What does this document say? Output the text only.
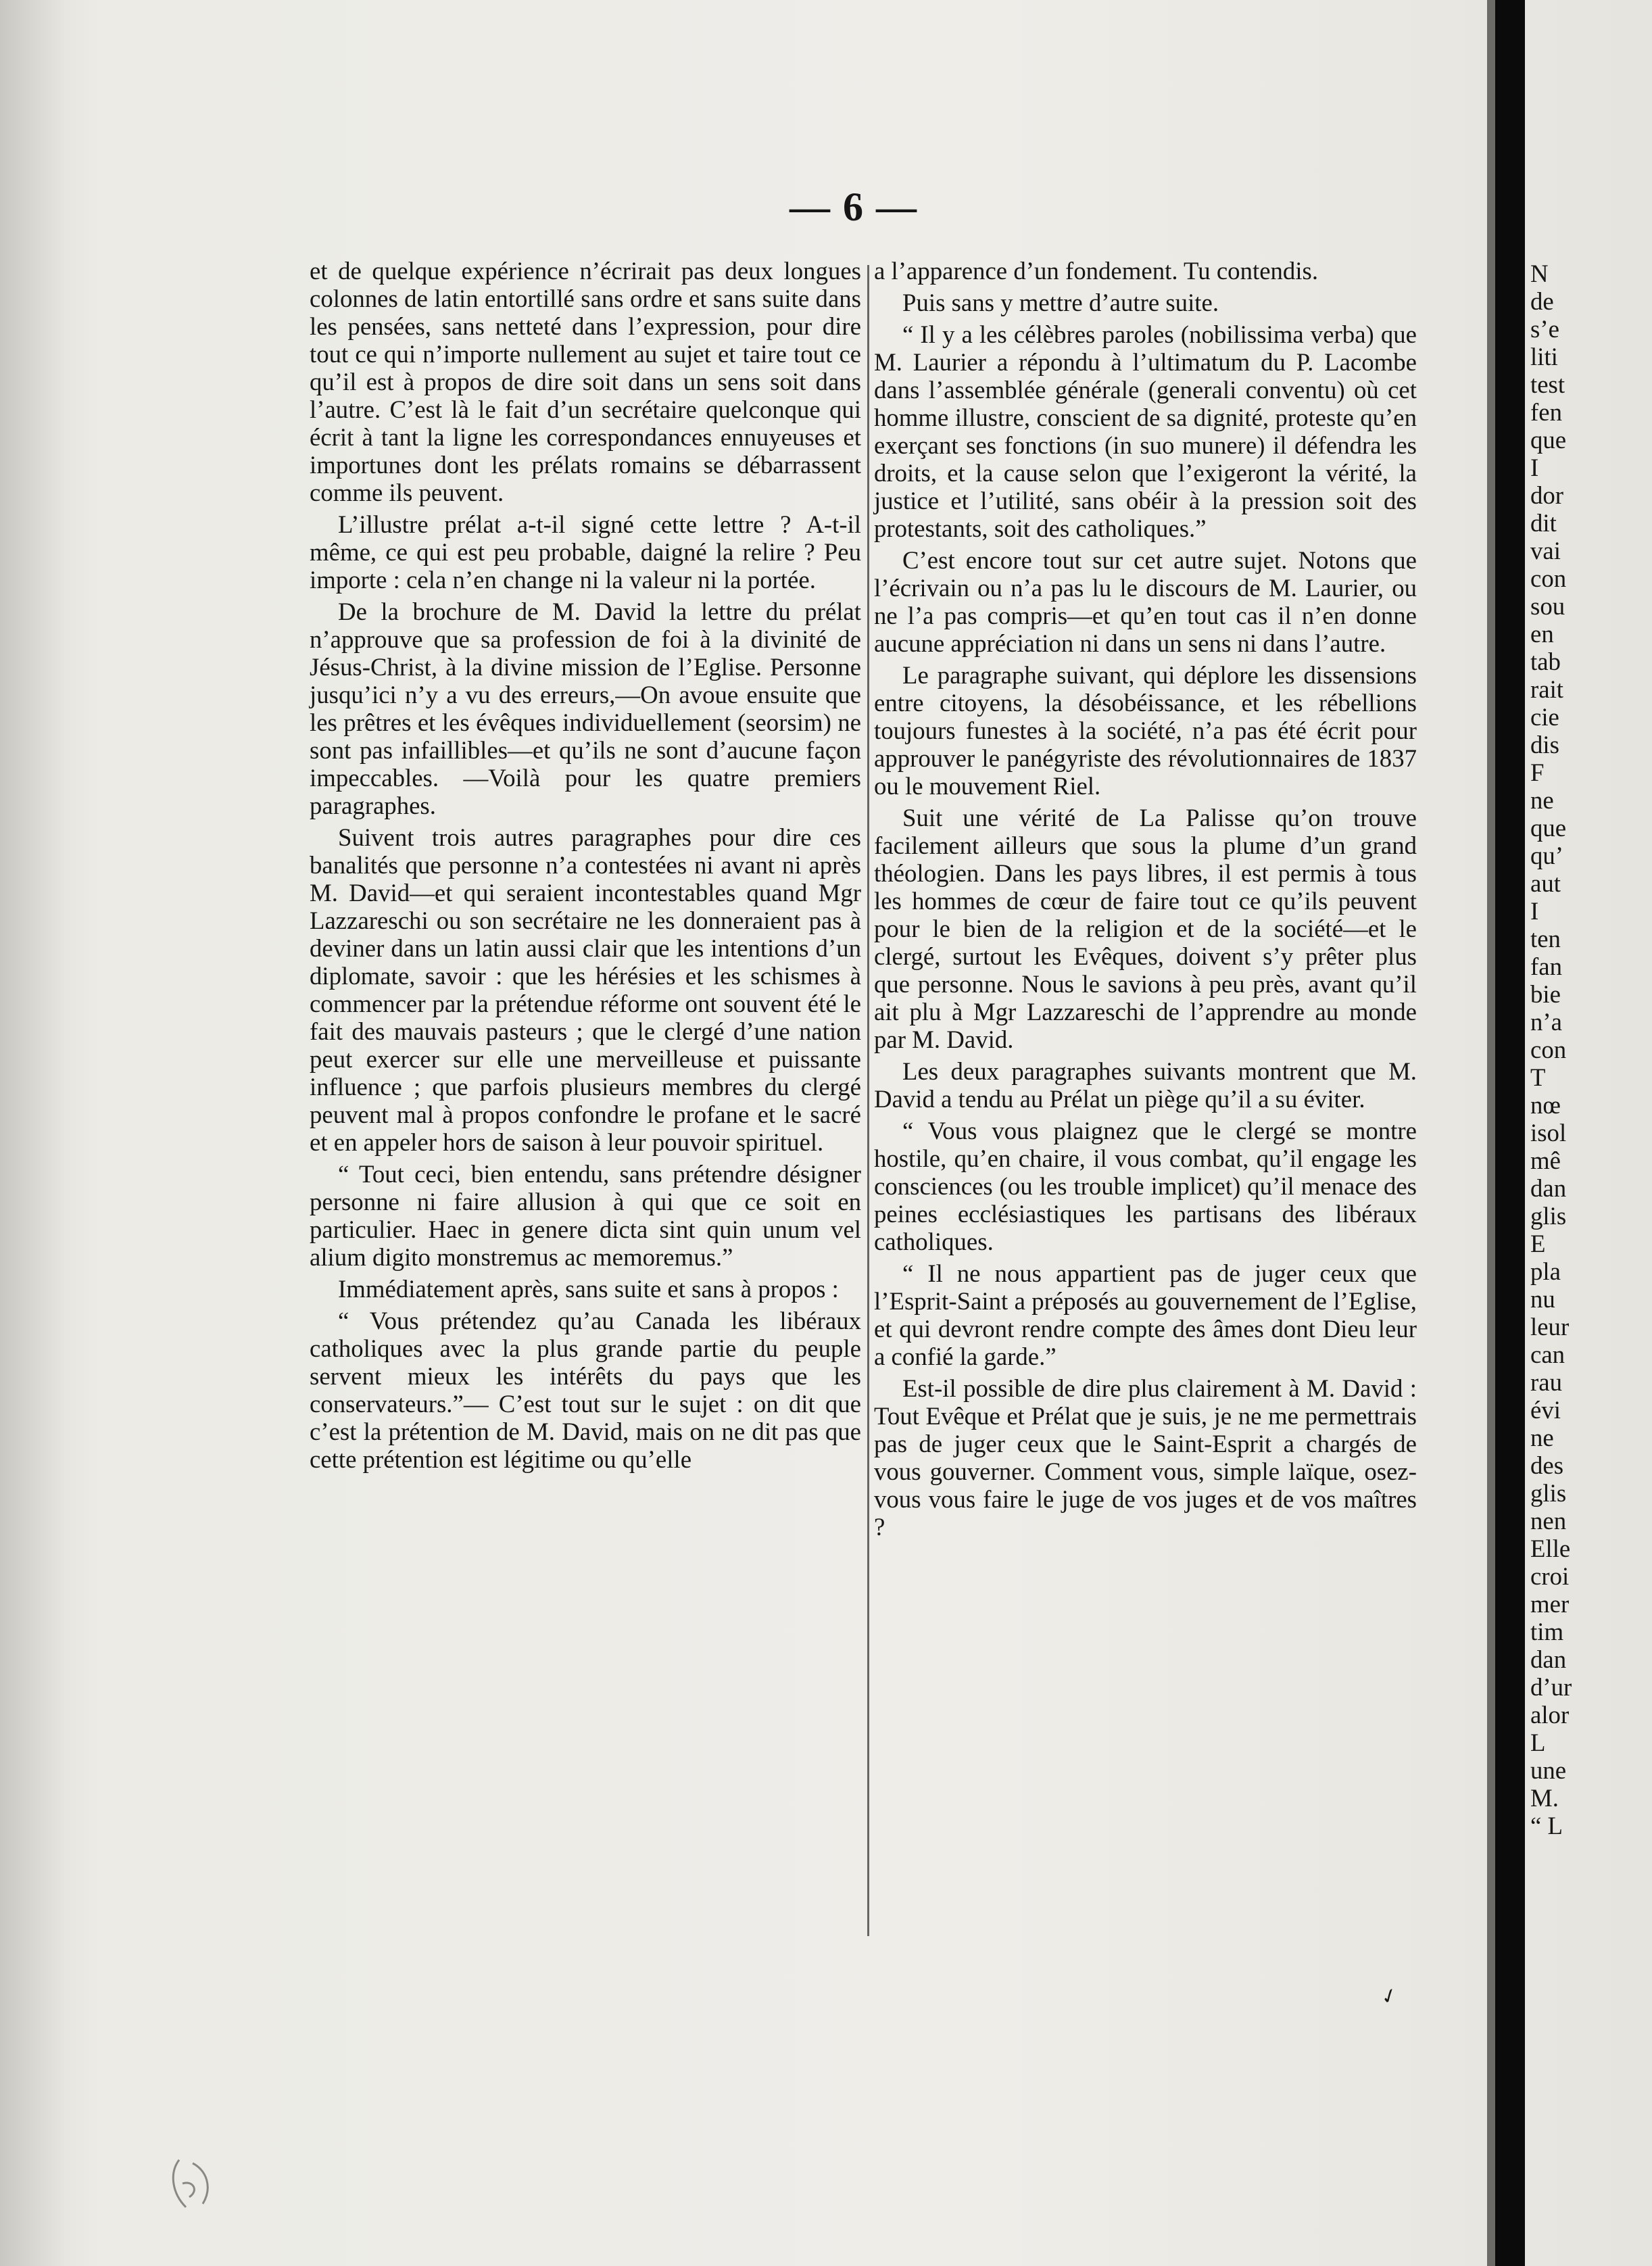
— 6 —

et de quelque expérience n’écrirait pas deux longues colonnes de latin entortillé sans ordre et sans suite dans les pensées, sans netteté dans l’expression, pour dire tout ce qui n’importe nullement au sujet et taire tout ce qu’il est à propos de dire soit dans un sens soit dans l’autre. C’est là le fait d’un secrétaire quelconque qui écrit à tant la ligne les correspondances ennuyeuses et importunes dont les prélats romains se débarrassent comme ils peuvent.

L’illustre prélat a-t-il signé cette lettre ? A-t-il même, ce qui est peu probable, daigné la relire ? Peu importe : cela n’en change ni la valeur ni la portée.

De la brochure de M. David la lettre du prélat n’approuve que sa profession de foi à la divinité de Jésus-Christ, à la divine mission de l’Eglise. Personne jusqu’ici n’y a vu des erreurs,—On avoue ensuite que les prêtres et les évêques individuellement (seorsim) ne sont pas infaillibles—et qu’ils ne sont d’aucune façon impeccables. —Voilà pour les quatre premiers paragraphes.

Suivent trois autres paragraphes pour dire ces banalités que personne n’a contestées ni avant ni après M. David—et qui seraient incontestables quand Mgr Lazzareschi ou son secrétaire ne les donneraient pas à deviner dans un latin aussi clair que les intentions d’un diplomate, savoir : que les hérésies et les schismes à commencer par la prétendue réforme ont souvent été le fait des mauvais pasteurs ; que le clergé d’une nation peut exercer sur elle une merveilleuse et puissante influence ; que parfois plusieurs membres du clergé peuvent mal à propos confondre le profane et le sacré et en appeler hors de saison à leur pouvoir spirituel.

“ Tout ceci, bien entendu, sans prétendre désigner personne ni faire allusion à qui que ce soit en particulier. Haec in genere dicta sint quin unum vel alium digito monstremus ac memoremus.”

Immédiatement après, sans suite et sans à propos :

“ Vous prétendez qu’au Canada les libéraux catholiques avec la plus grande partie du peuple servent mieux les intérêts du pays que les conservateurs.”— C’est tout sur le sujet : on dit que c’est la prétention de M. David, mais on ne dit pas que cette prétention est légitime ou qu’elle

a l’apparence d’un fondement. Tu contendis.

Puis sans y mettre d’autre suite.

“ Il y a les célèbres paroles (nobilissima verba) que M. Laurier a répondu à l’ultimatum du P. Lacombe dans l’assemblée générale (generali conventu) où cet homme illustre, conscient de sa dignité, proteste qu’en exerçant ses fonctions (in suo munere) il défendra les droits, et la cause selon que l’exigeront la vérité, la justice et l’utilité, sans obéir à la pression soit des protestants, soit des catholiques.”

C’est encore tout sur cet autre sujet. Notons que l’écrivain ou n’a pas lu le discours de M. Laurier, ou ne l’a pas compris—et qu’en tout cas il n’en donne aucune appréciation ni dans un sens ni dans l’autre.

Le paragraphe suivant, qui déplore les dissensions entre citoyens, la désobéissance, et les rébellions toujours funestes à la société, n’a pas été écrit pour approuver le panégyriste des révolutionnaires de 1837 ou le mouvement Riel.

Suit une vérité de La Palisse qu’on trouve facilement ailleurs que sous la plume d’un grand théologien. Dans les pays libres, il est permis à tous les hommes de cœur de faire tout ce qu’ils peuvent pour le bien de la religion et de la société—et le clergé, surtout les Evêques, doivent s’y prêter plus que personne. Nous le savions à peu près, avant qu’il ait plu à Mgr Lazzareschi de l’apprendre au monde par M. David.

Les deux paragraphes suivants montrent que M. David a tendu au Prélat un piège qu’il a su éviter.

“ Vous vous plaignez que le clergé se montre hostile, qu’en chaire, il vous combat, qu’il engage les consciences (ou les trouble implicet) qu’il menace des peines ecclésiastiques les partisans des libéraux catholiques.

“ Il ne nous appartient pas de juger ceux que l’Esprit-Saint a préposés au gouvernement de l’Eglise, et qui devront rendre compte des âmes dont Dieu leur a confié la garde.”

Est-il possible de dire plus clairement à M. David : Tout Evêque et Prélat que je suis, je ne me permettrais pas de juger ceux que le Saint-Esprit a chargés de vous gouverner. Comment vous, simple laïque, osez-vous vous faire le juge de vos juges et de vos maîtres ?

N
de
s’e
liti
test
fen
que
I
dor
dit
vai
con
sou
en
tab
rait
cie
dis
F
ne
que
qu’
aut
I
ten
fan
bie
n’a
con
T
nœ
isol
mê
dan
glis
E
pla
nu
leur
can
rau
évi
ne
des
glis
nen
Elle
croi
mer
tim
dan
d’ur
alor
L
une
M.
“ L
✓
